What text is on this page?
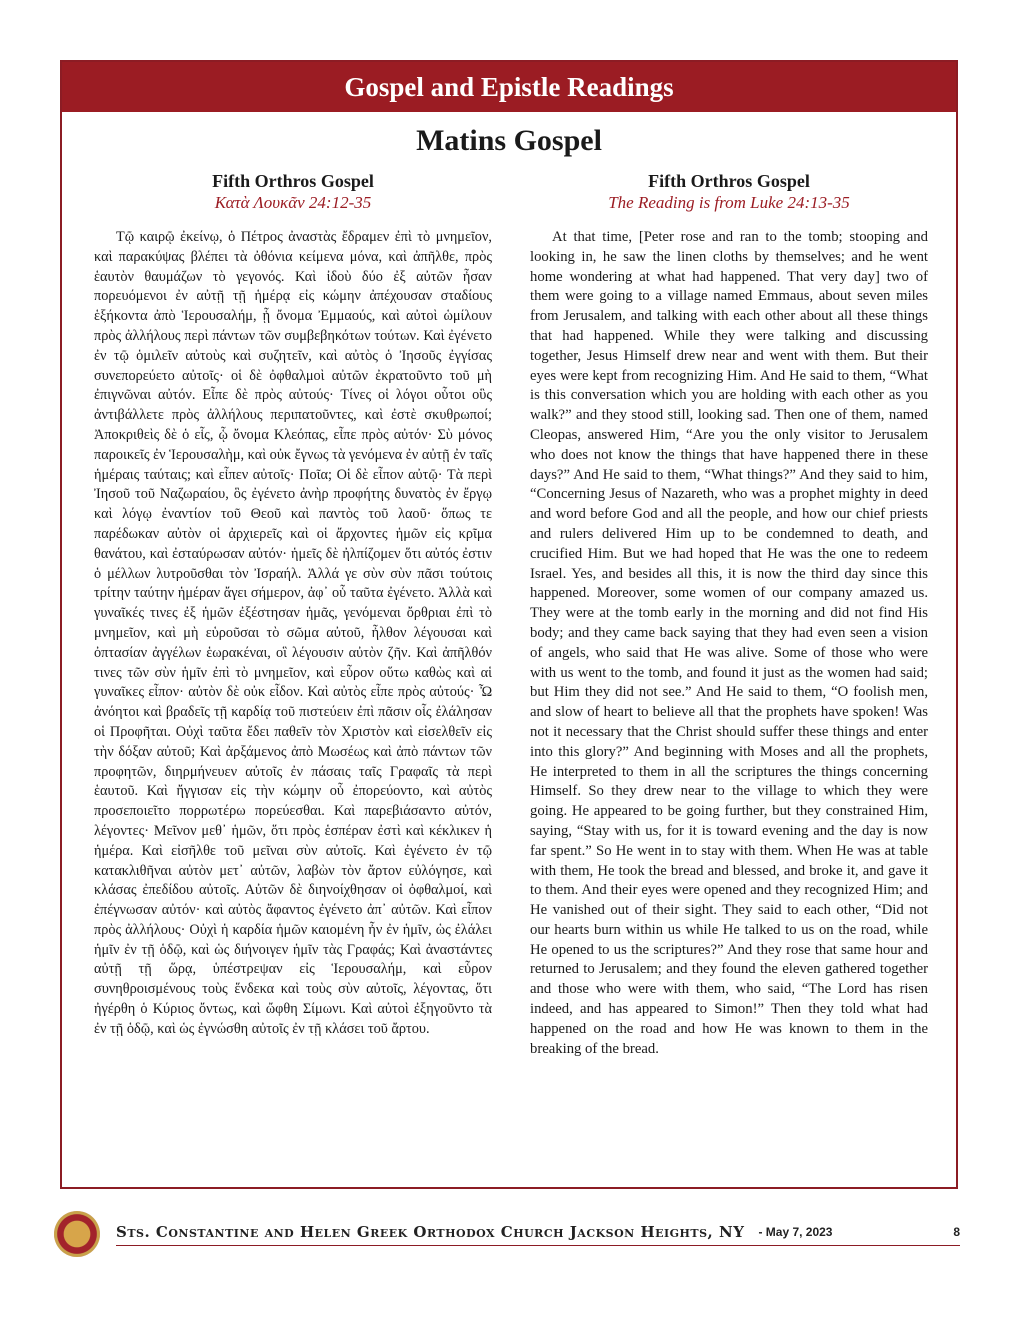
Gospel and Epistle Readings
Matins Gospel
Fifth Orthros Gospel
Κατὰ Λουκᾶν 24:12-35

Τῷ καιρῷ ἐκείνῳ, ὁ Πέτρος ἀναστὰς ἔδραμεν ἐπὶ τὸ μνημεῖον, καὶ παρακύψας βλέπει τὰ ὀθόνια κείμενα μόνα, καὶ ἀπῆλθε, πρὸς ἑαυτὸν θαυμάζων τὸ γεγονός. Καὶ ἰδοὺ δύο ἐξ αὐτῶν ἦσαν πορευόμενοι ἐν αὐτῇ τῇ ἡμέρᾳ εἰς κώμην ἀπέχουσαν σταδίους ἑξήκοντα ἀπὸ Ἱερουσαλήμ, ᾗ ὄνομα Ἐμμαούς, καὶ αὐτοὶ ὡμίλουν πρὸς ἀλλήλους περὶ πάντων τῶν συμβεβηκότων τούτων. Καὶ ἐγένετο ἐν τῷ ὁμιλεῖν αὐτοὺς καὶ συζητεῖν, καὶ αὐτὸς ὁ Ἰησοῦς ἐγγίσας συνεπορεύετο αὐτοῖς· οἱ δὲ ὀφθαλμοὶ αὐτῶν ἐκρατοῦντο τοῦ μὴ ἐπιγνῶναι αὐτόν. Εἶπε δὲ πρὸς αὐτούς· Τίνες οἱ λόγοι οὗτοι οὓς ἀντιβάλλετε πρὸς ἀλλήλους περιπατοῦντες, καὶ ἐστὲ σκυθρωποί; Ἀποκριθεὶς δὲ ὁ εἷς, ᾧ ὄνομα Κλεόπας, εἶπε πρὸς αὐτόν· Σὺ μόνος παροικεῖς ἐν Ἱερουσαλὴμ, καὶ οὐκ ἔγνως τὰ γενόμενα ἐν αὐτῇ ἐν ταῖς ἡμέραις ταύταις; καὶ εἶπεν αὐτοῖς· Ποῖα; Οἱ δὲ εἶπον αὐτῷ· Τὰ περὶ Ἰησοῦ τοῦ Ναζωραίου, ὃς ἐγένετο ἀνὴρ προφήτης δυνατὸς ἐν ἔργῳ καὶ λόγῳ ἐναντίον τοῦ Θεοῦ καὶ παντὸς τοῦ λαοῦ· ὅπως τε παρέδωκαν αὐτὸν οἱ ἀρχιερεῖς καὶ οἱ ἄρχοντες ἡμῶν εἰς κρῖμα θανάτου, καὶ ἐσταύρωσαν αὐτόν· ἡμεῖς δὲ ἠλπίζομεν ὅτι αὐτός ἐστιν ὁ μέλλων λυτροῦσθαι τὸν Ἰσραήλ. Ἀλλά γε σὺν σὺν πᾶσι τούτοις τρίτην ταύτην ἡμέραν ἄγει σήμερον, ἀφ᾽ οὗ ταῦτα ἐγένετο. Ἀλλὰ καὶ γυναῖκές τινες ἐξ ἡμῶν ἐξέστησαν ἡμᾶς, γενόμεναι ὄρθριαι ἐπὶ τὸ μνημεῖον, καὶ μὴ εὑροῦσαι τὸ σῶμα αὐτοῦ, ἦλθον λέγουσαι καὶ ὀπτασίαν ἀγγέλων ἑωρακέναι, οἳ λέγουσιν αὐτὸν ζῆν. Καὶ ἀπῆλθόν τινες τῶν σὺν ἡμῖν ἐπὶ τὸ μνημεῖον, καὶ εὗρον οὕτω καθὼς καὶ αἱ γυναῖκες εἶπον· αὐτὸν δὲ οὐκ εἶδον. Καὶ αὐτὸς εἶπε πρὸς αὐτούς· Ὦ ἀνόητοι καὶ βραδεῖς τῇ καρδίᾳ τοῦ πιστεύειν ἐπὶ πᾶσιν οἷς ἐλάλησαν οἱ Προφῆται. Οὐχὶ ταῦτα ἔδει παθεῖν τὸν Χριστὸν καὶ εἰσελθεῖν εἰς τὴν δόξαν αὐτοῦ; Καὶ ἀρξάμενος ἀπὸ Μωσέως καὶ ἀπὸ πάντων τῶν προφητῶν, διηρμήνευεν αὐτοῖς ἐν πάσαις ταῖς Γραφαῖς τὰ περὶ ἑαυτοῦ. Καὶ ἤγγισαν εἰς τὴν κώμην οὗ ἐπορεύοντο, καὶ αὐτὸς προσεποιεῖτο πορρωτέρω πορεύεσθαι. Καὶ παρεβιάσαντο αὐτόν, λέγοντες· Μεῖνον μεθ᾽ ἡμῶν, ὅτι πρὸς ἑσπέραν ἐστὶ καὶ κέκλικεν ἡ ἡμέρα. Καὶ εἰσῆλθε τοῦ μεῖναι σὺν αὐτοῖς. Καὶ ἐγένετο ἐν τῷ κατακλιθῆναι αὐτὸν μετ᾽ αὐτῶν, λαβὼν τὸν ἄρτον εὐλόγησε, καὶ κλάσας ἐπεδίδου αὐτοῖς. Αὐτῶν δὲ διηνοίχθησαν οἱ ὀφθαλμοί, καὶ ἐπέγνωσαν αὐτόν· καὶ αὐτὸς ἄφαντος ἐγένετο ἀπ᾽ αὐτῶν. Καὶ εἶπον πρὸς ἀλλήλους· Οὐχὶ ἡ καρδία ἡμῶν καιομένη ἦν ἐν ἡμῖν, ὡς ἐλάλει ἡμῖν ἐν τῇ ὁδῷ, καὶ ὡς διήνοιγεν ἡμῖν τὰς Γραφάς; Καὶ ἀναστάντες αὐτῇ τῇ ὥρᾳ, ὑπέστρεψαν εἰς Ἱερουσαλήμ, καὶ εὗρον συνηθροισμένους τοὺς ἕνδεκα καὶ τοὺς σὺν αὐτοῖς, λέγοντας, ὅτι ἠγέρθη ὁ Κύριος ὄντως, καὶ ὤφθη Σίμωνι. Καὶ αὐτοὶ ἐξηγοῦντο τὰ ἐν τῇ ὁδῷ, καὶ ὡς ἐγνώσθη αὐτοῖς ἐν τῇ κλάσει τοῦ ἄρτου.

Fifth Orthros Gospel
The Reading is from Luke 24:13-35

At that time, [Peter rose and ran to the tomb; stooping and looking in, he saw the linen cloths by themselves; and he went home wondering at what had happened. That very day] two of them were going to a village named Emmaus, about seven miles from Jerusalem, and talking with each other about all these things that had happened. While they were talking and discussing together, Jesus Himself drew near and went with them. But their eyes were kept from recognizing Him. And He said to them, “What is this conversation which you are holding with each other as you walk?” and they stood still, looking sad. Then one of them, named Cleopas, answered Him, “Are you the only visitor to Jerusalem who does not know the things that have happened there in these days?” And He said to them, “What things?” And they said to him, “Concerning Jesus of Nazareth, who was a prophet mighty in deed and word before God and all the people, and how our chief priests and rulers delivered Him up to be condemned to death, and crucified Him. But we had hoped that He was the one to redeem Israel. Yes, and besides all this, it is now the third day since this happened. Moreover, some women of our company amazed us. They were at the tomb early in the morning and did not find His body; and they came back saying that they had even seen a vision of angels, who said that He was alive. Some of those who were with us went to the tomb, and found it just as the women had said; but Him they did not see.” And He said to them, “O foolish men, and slow of heart to believe all that the prophets have spoken! Was not it necessary that the Christ should suffer these things and enter into this glory?” And beginning with Moses and all the prophets, He interpreted to them in all the scriptures the things concerning Himself. So they drew near to the village to which they were going. He appeared to be going further, but they constrained Him, saying, “Stay with us, for it is toward evening and the day is now far spent.” So He went in to stay with them. When He was at table with them, He took the bread and blessed, and broke it, and gave it to them. And their eyes were opened and they recognized Him; and He vanished out of their sight. They said to each other, “Did not our hearts burn within us while He talked to us on the road, while He opened to us the scriptures?” And they rose that same hour and returned to Jerusalem; and they found the eleven gathered together and those who were with them, who said, “The Lord has risen indeed, and has appeared to Simon!” Then they told what had happened on the road and how He was known to them in the breaking of the bread.

Sts. Constantine and Helen Greek Orthodox Church Jackson Heights, NY - May 7, 2023	8
